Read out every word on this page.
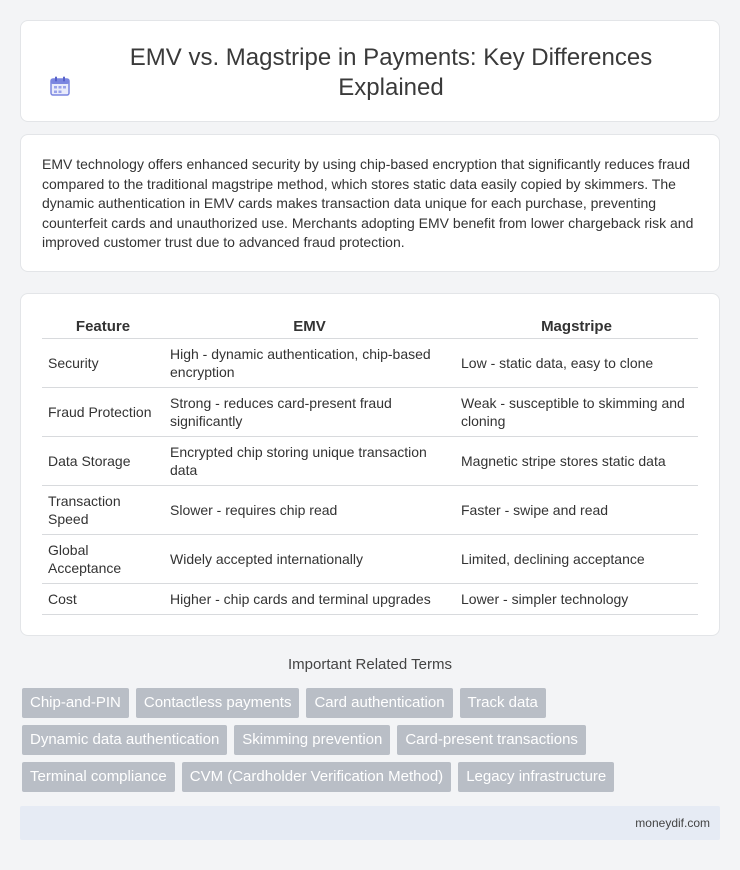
EMV vs. Magstripe in Payments: Key Differences Explained

EMV technology offers enhanced security by using chip-based encryption that significantly reduces fraud compared to the traditional magstripe method, which stores static data easily copied by skimmers. The dynamic authentication in EMV cards makes transaction data unique for each purchase, preventing counterfeit cards and unauthorized use. Merchants adopting EMV benefit from lower chargeback risk and improved customer trust due to advanced fraud protection.

Feature	EMV	Magstripe
Security	High - dynamic authentication, chip-based encryption	Low - static data, easy to clone
Fraud Protection	Strong - reduces card-present fraud significantly	Weak - susceptible to skimming and cloning
Data Storage	Encrypted chip storing unique transaction data	Magnetic stripe stores static data
Transaction Speed	Slower - requires chip read	Faster - swipe and read
Global Acceptance	Widely accepted internationally	Limited, declining acceptance
Cost	Higher - chip cards and terminal upgrades	Lower - simpler technology
Important Related Terms
Chip-and-PIN	Contactless payments	Card authentication	Track data
Dynamic data authentication	Skimming prevention	Card-present transactions
Terminal compliance	CVM (Cardholder Verification Method)	Legacy infrastructure
moneydif.com
